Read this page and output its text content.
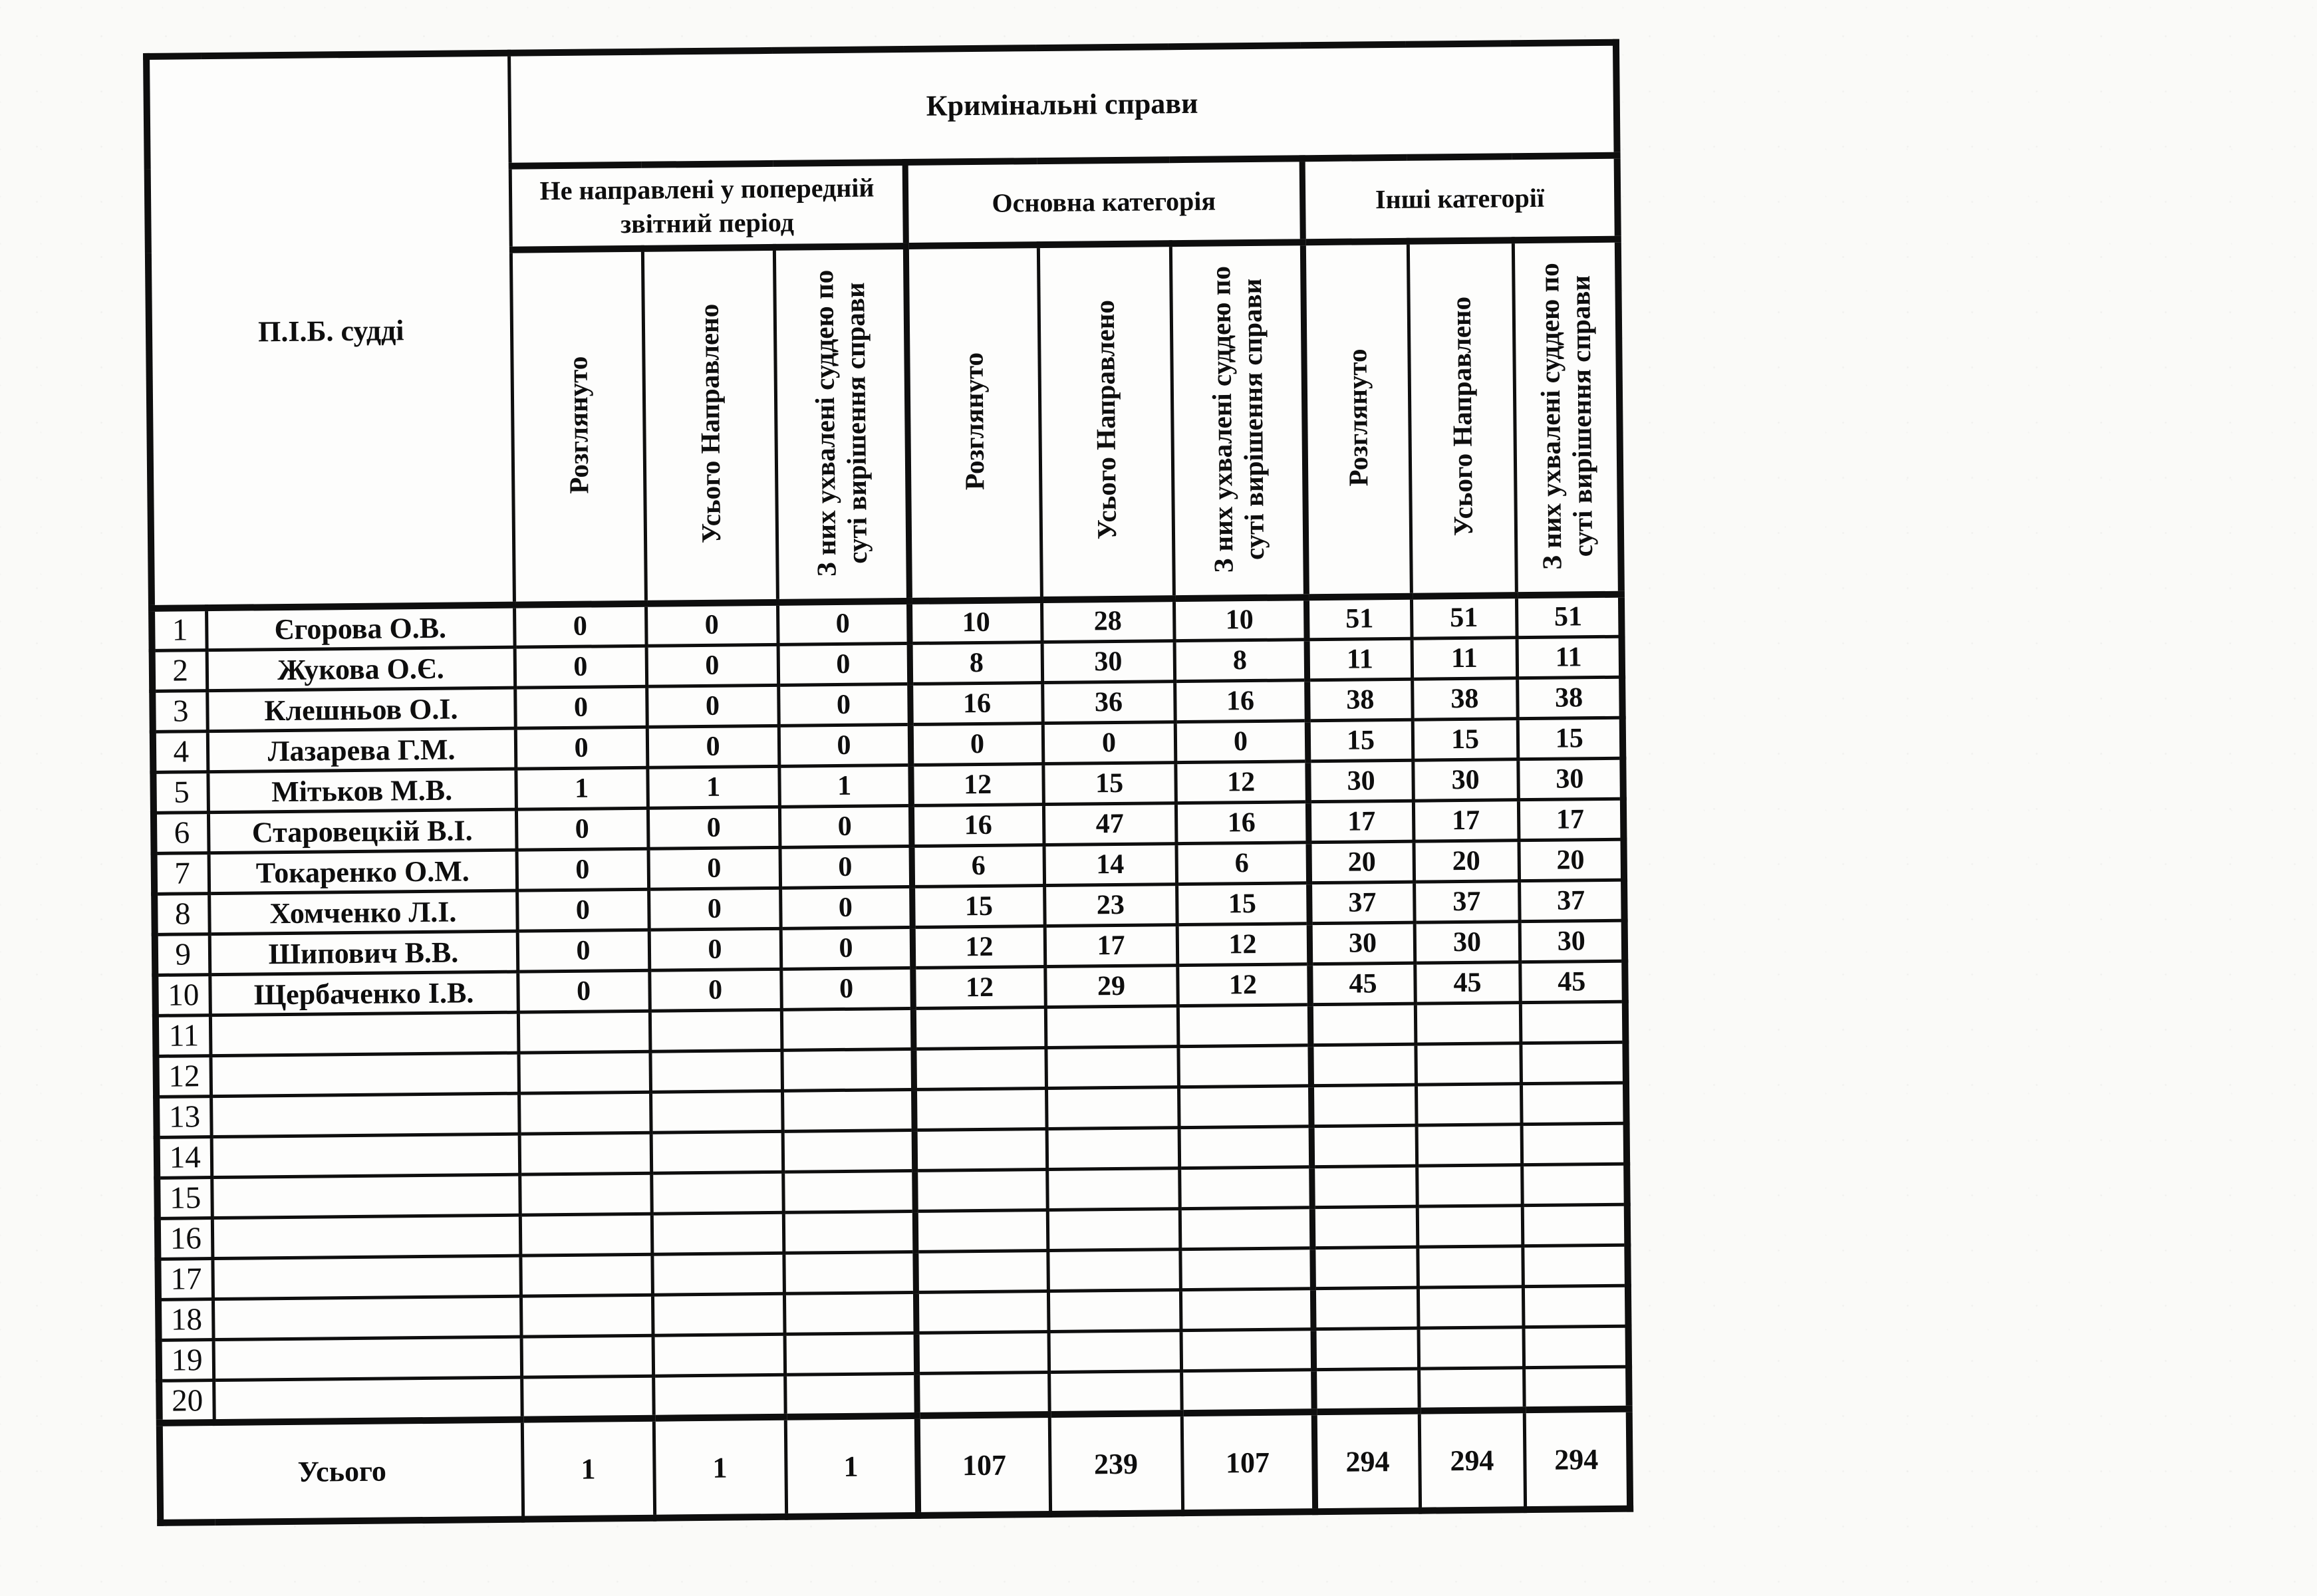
П.І.Б. судді		Кримінальні справи								
		Не направлені у попередній звітний період			Основна категорія			Інші категорії		
		Розглянуто	Усього Направлено	З них ухвалені суддею по суті вирішення справи	Розглянуто	Усього Направлено	З них ухвалені суддею по суті вирішення справи	Розглянуто	Усього Направлено	З них ухвалені суддею по суті вирішення справи
1	Єгорова О.В.	0	0	0	10	28	10	51	51	51
2	Жукова О.Є.	0	0	0	8	30	8	11	11	11
3	Клешньов О.І.	0	0	0	16	36	16	38	38	38
4	Лазарева Г.М.	0	0	0	0	0	0	15	15	15
5	Мітьков М.В.	1	1	1	12	15	12	30	30	30
6	Старовецкій В.І.	0	0	0	16	47	16	17	17	17
7	Токаренко О.М.	0	0	0	6	14	6	20	20	20
8	Хомченко Л.І.	0	0	0	15	23	15	37	37	37
9	Шипович В.В.	0	0	0	12	17	12	30	30	30
10	Щербаченко І.В.	0	0	0	12	29	12	45	45	45
11										
12										
13										
14										
15										
16										
17										
18										
19										
20										
Усього		1	1	1	107	239	107	294	294	294
